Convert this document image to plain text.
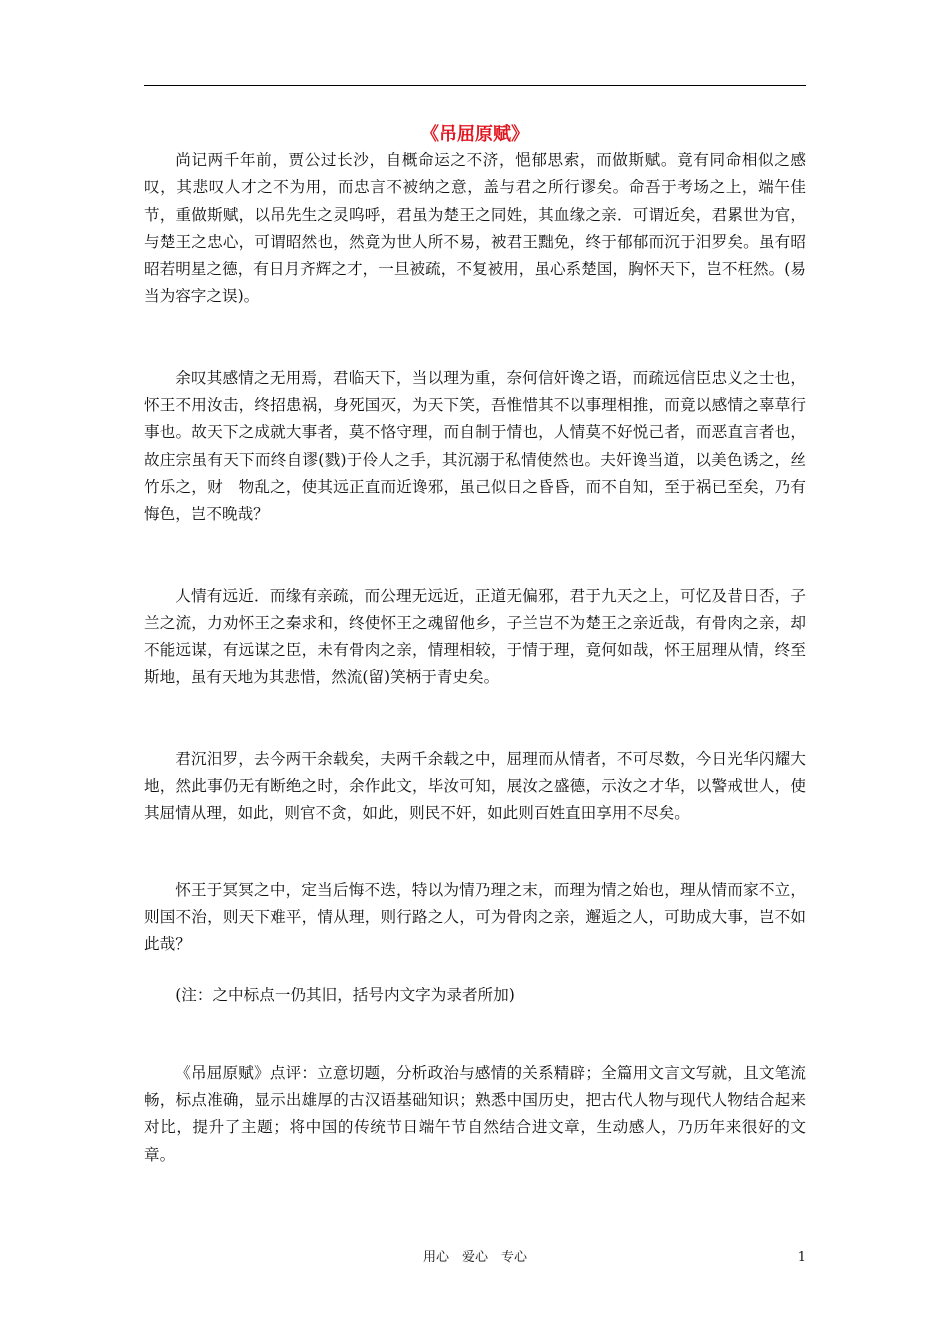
《吊屈原赋》

尚记两千年前，贾公过长沙，自概命运之不济，悒郁思索，而做斯赋。竟有同命相似之感叹，其悲叹人才之不为用，而忠言不被纳之意，盖与君之所行谬矣。命吾于考场之上，端午佳节，重做斯赋，以吊先生之灵呜呼，君虽为楚王之同姓，其血缘之亲．可谓近矣，君累世为官，与楚王之忠心，可谓昭然也，然竟为世人所不易，被君王黜免，终于郁郁而沉于汨罗矣。虽有昭昭若明星之德，有日月齐辉之才，一旦被疏，不复被用，虽心系楚国，胸怀天下，岂不枉然。(易当为容字之误)。

余叹其感情之无用焉，君临天下，当以理为重，奈何信奸谗之语，而疏远信臣忠义之士也，怀王不用汝击，终招患祸，身死国灭，为天下笑，吾惟惜其不以事理相推，而竟以感情之辜草行事也。故天下之成就大事者，莫不恪守理，而自制于情也，人情莫不好悦己者，而恶直言者也，故庄宗虽有天下而终自谬(戮)于伶人之手，其沉溺于私情使然也。夫奸谗当道，以美色诱之，丝竹乐之，财　物乱之，使其远正直而近谗邪，虽己似日之昏昏，而不自知，至于祸已至矣，乃有悔色，岂不晚哉？

人情有远近．而缘有亲疏，而公理无远近，正道无偏邪，君于九天之上，可忆及昔日否，子兰之流，力劝怀王之秦求和，终使怀王之魂留他乡，子兰岂不为楚王之亲近哉，有骨肉之亲，却不能远谋，有远谋之臣，未有骨肉之亲，情理相较，于情于理，竟何如哉，怀王屈理从情，终至斯地，虽有天地为其悲惜，然流(留)笑柄于青史矣。

君沉汨罗，去今两干余载矣，夫两千余载之中，屈理而从情者，不可尽数，今日光华闪耀大地，然此事仍无有断绝之时，余作此文，毕汝可知，展汝之盛德，示汝之才华，以警戒世人，使其屈情从理，如此，则官不贪，如此，则民不奸，如此则百姓直田享用不尽矣。

怀王于冥冥之中，定当后悔不迭，特以为情乃理之末，而理为情之始也，理从情而家不立，则国不治，则天下难平，情从理，则行路之人，可为骨肉之亲，邂逅之人，可助成大事，岂不如此哉？

(注：之中标点一仍其旧，括号内文字为录者所加)

《吊屈原赋》点评：立意切题，分析政治与感情的关系精辟；全篇用文言文写就，且文笔流畅，标点准确，显示出雄厚的古汉语基础知识；熟悉中国历史，把古代人物与现代人物结合起来对比，提升了主题；将中国的传统节日端午节自然结合进文章，生动感人，乃历年来很好的文章。

用心　爱心　专心	1
